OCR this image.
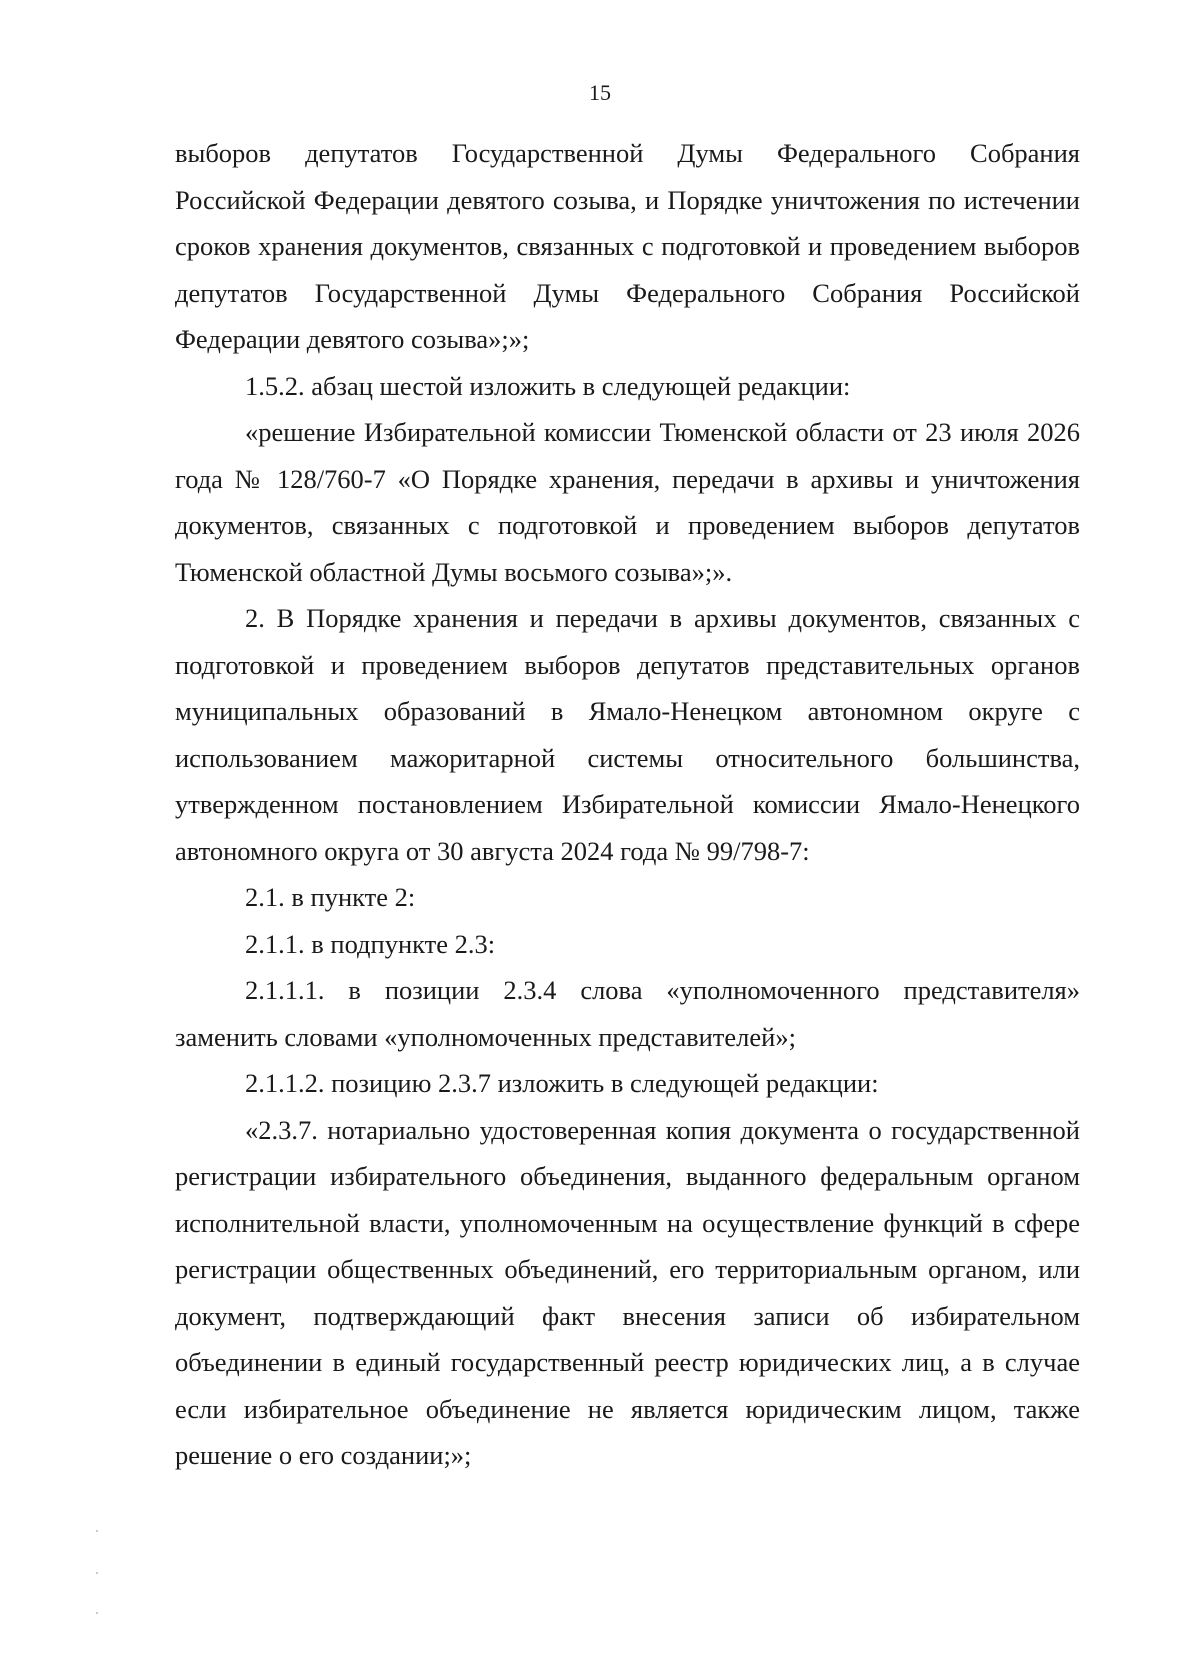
15

выборов депутатов Государственной Думы Федерального Собрания Российской Федерации девятого созыва, и Порядке уничтожения по истечении сроков хранения документов, связанных с подготовкой и проведением выборов депутатов Государственной Думы Федерального Собрания Российской Федерации девятого созыва»;»;

1.5.2. абзац шестой изложить в следующей редакции:

«решение Избирательной комиссии Тюменской области от 23 июля 2026 года № 128/760-7 «О Порядке хранения, передачи в архивы и уничтожения документов, связанных с подготовкой и проведением выборов депутатов Тюменской областной Думы восьмого созыва»;».

2. В Порядке хранения и передачи в архивы документов, связанных с подготовкой и проведением выборов депутатов представительных органов муниципальных образований в Ямало-Ненецком автономном округе с использованием мажоритарной системы относительного большинства, утвержденном постановлением Избирательной комиссии Ямало-Ненецкого автономного округа от 30 августа 2024 года № 99/798-7:

2.1. в пункте 2:

2.1.1. в подпункте 2.3:

2.1.1.1. в позиции 2.3.4 слова «уполномоченного представителя» заменить словами «уполномоченных представителей»;

2.1.1.2. позицию 2.3.7 изложить в следующей редакции:

«2.3.7. нотариально удостоверенная копия документа о государственной регистрации избирательного объединения, выданного федеральным органом исполнительной власти, уполномоченным на осуществление функций в сфере регистрации общественных объединений, его территориальным органом, или документ, подтверждающий факт внесения записи об избирательном объединении в единый государственный реестр юридических лиц, а в случае если избирательное объединение не является юридическим лицом, также решение о его создании;»;
